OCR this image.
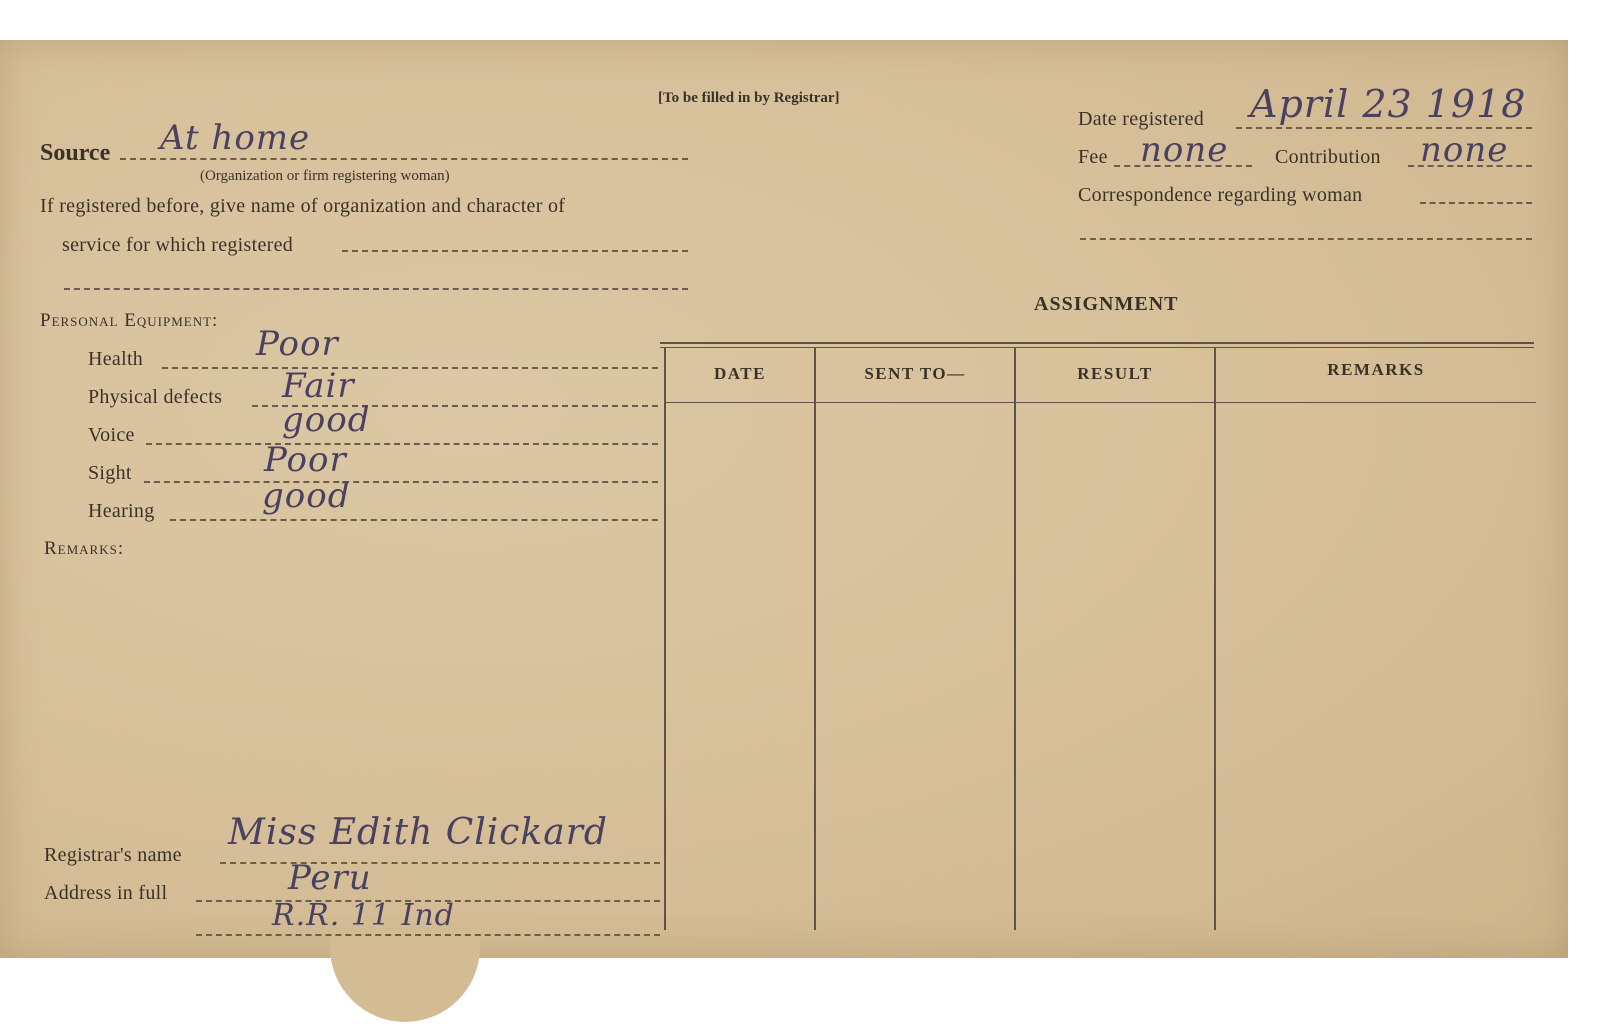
[To be filled in by Registrar]
Source At home
(Organization or firm registering woman)
If registered before, give name of organization and character of
service for which registered
Date registered April 23 1918
Fee none Contribution none
Correspondence regarding woman
Personal Equipment:
Health	Poor
Physical defects Fair
Voice	good
Sight	Poor
Hearing	good
Remarks:
ASSIGNMENT
DATE	SENT TO—	RESULT	REMARKS
Registrar's name
Miss Edith Clickard
Address in full	Peru
R.R. 11 Ind
